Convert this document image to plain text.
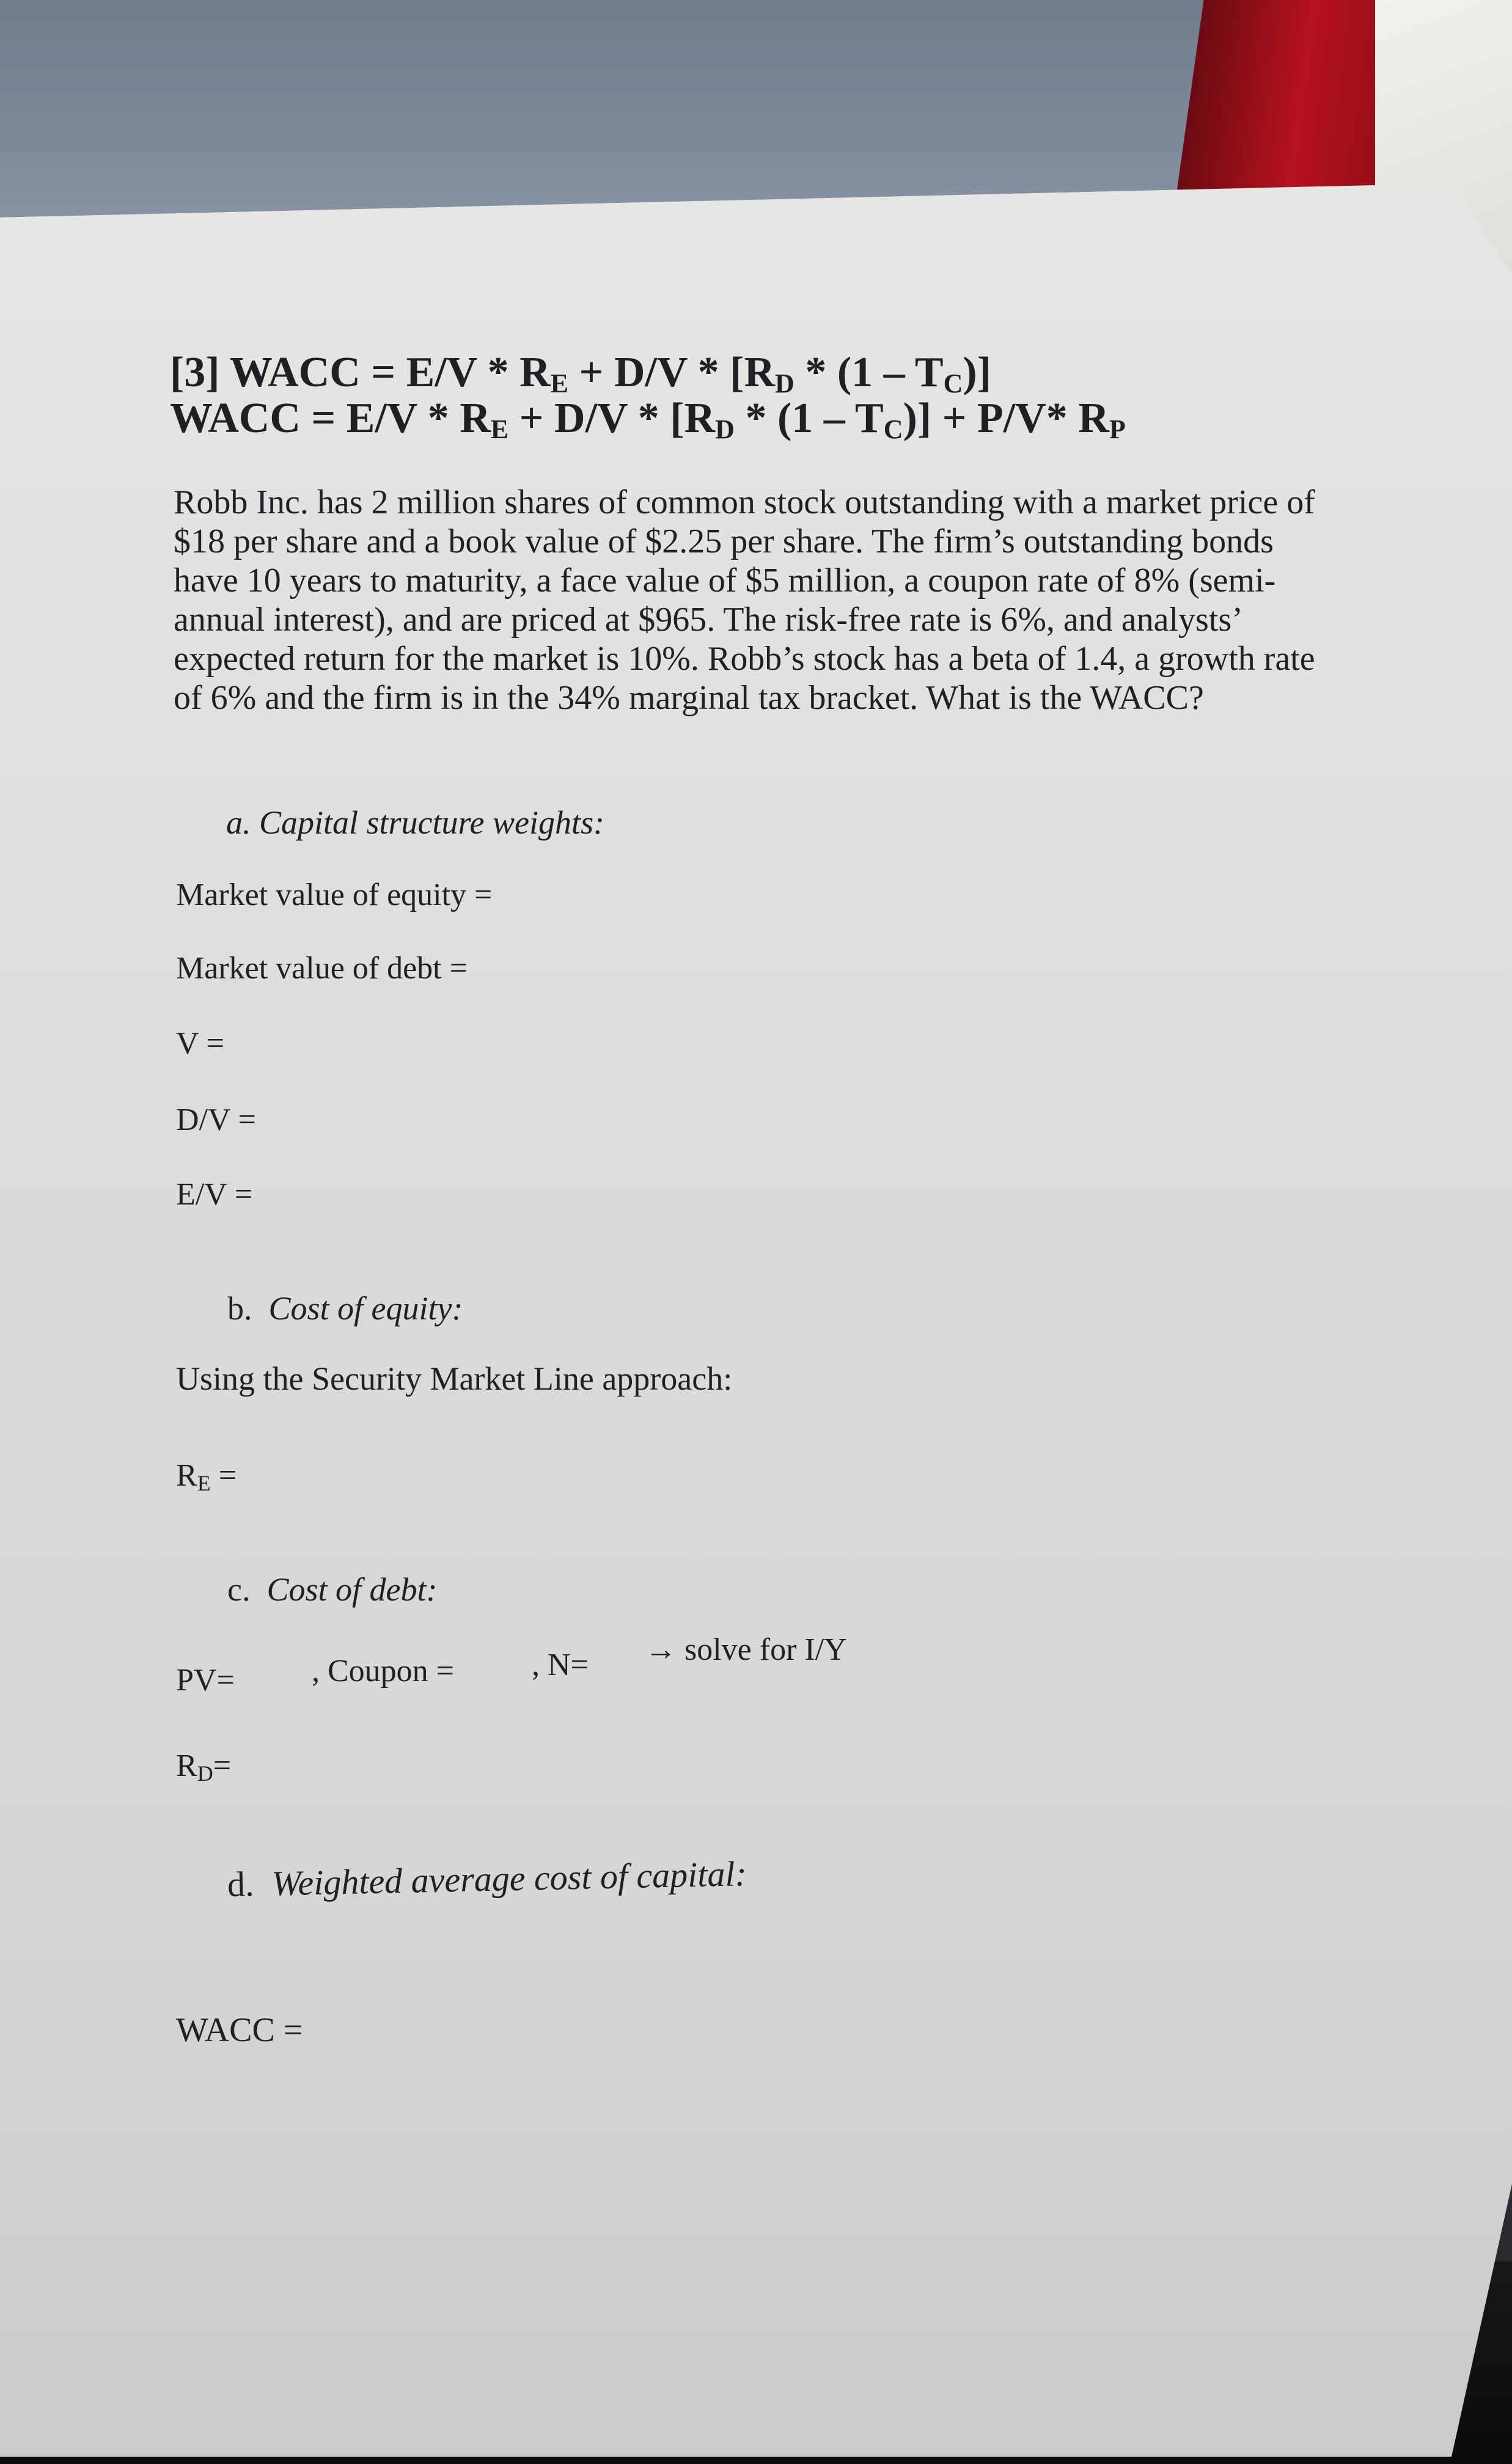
[3] WACC = $E/V * R_E + D/V * [R_D * (1 - T_C)]$
WACC = $E/V * R_E + D/V * [R_D * (1 - T_C)] + P/V*$ $R_P$
Robb Inc. has 2 million shares of common stock outstanding with a market price of
$18 per share and a book value of $2.25 per share. The firm’s outstanding bonds
have 10 years to maturity, a face value of $5 million, a coupon rate of 8% (semi-
annual interest), and are priced at $965. The risk-free rate is 6%, and analysts’
expected return for the market is 10%. Robb’s stock has a beta of 1.4, a growth rate
of 6% and the firm is in the 34% marginal tax bracket. What is the WACC?
a. Capital structure weights:
Market value of equity =
Market value of debt =
V =
D/V =
E/V =
b. Cost of equity:
Using the Security Market Line approach:
$R_E$ =
c. Cost of debt:
PV= , Coupon = , N= → solve for I/Y
$R_D=$
d. Weighted average cost of capital:
WACC =
